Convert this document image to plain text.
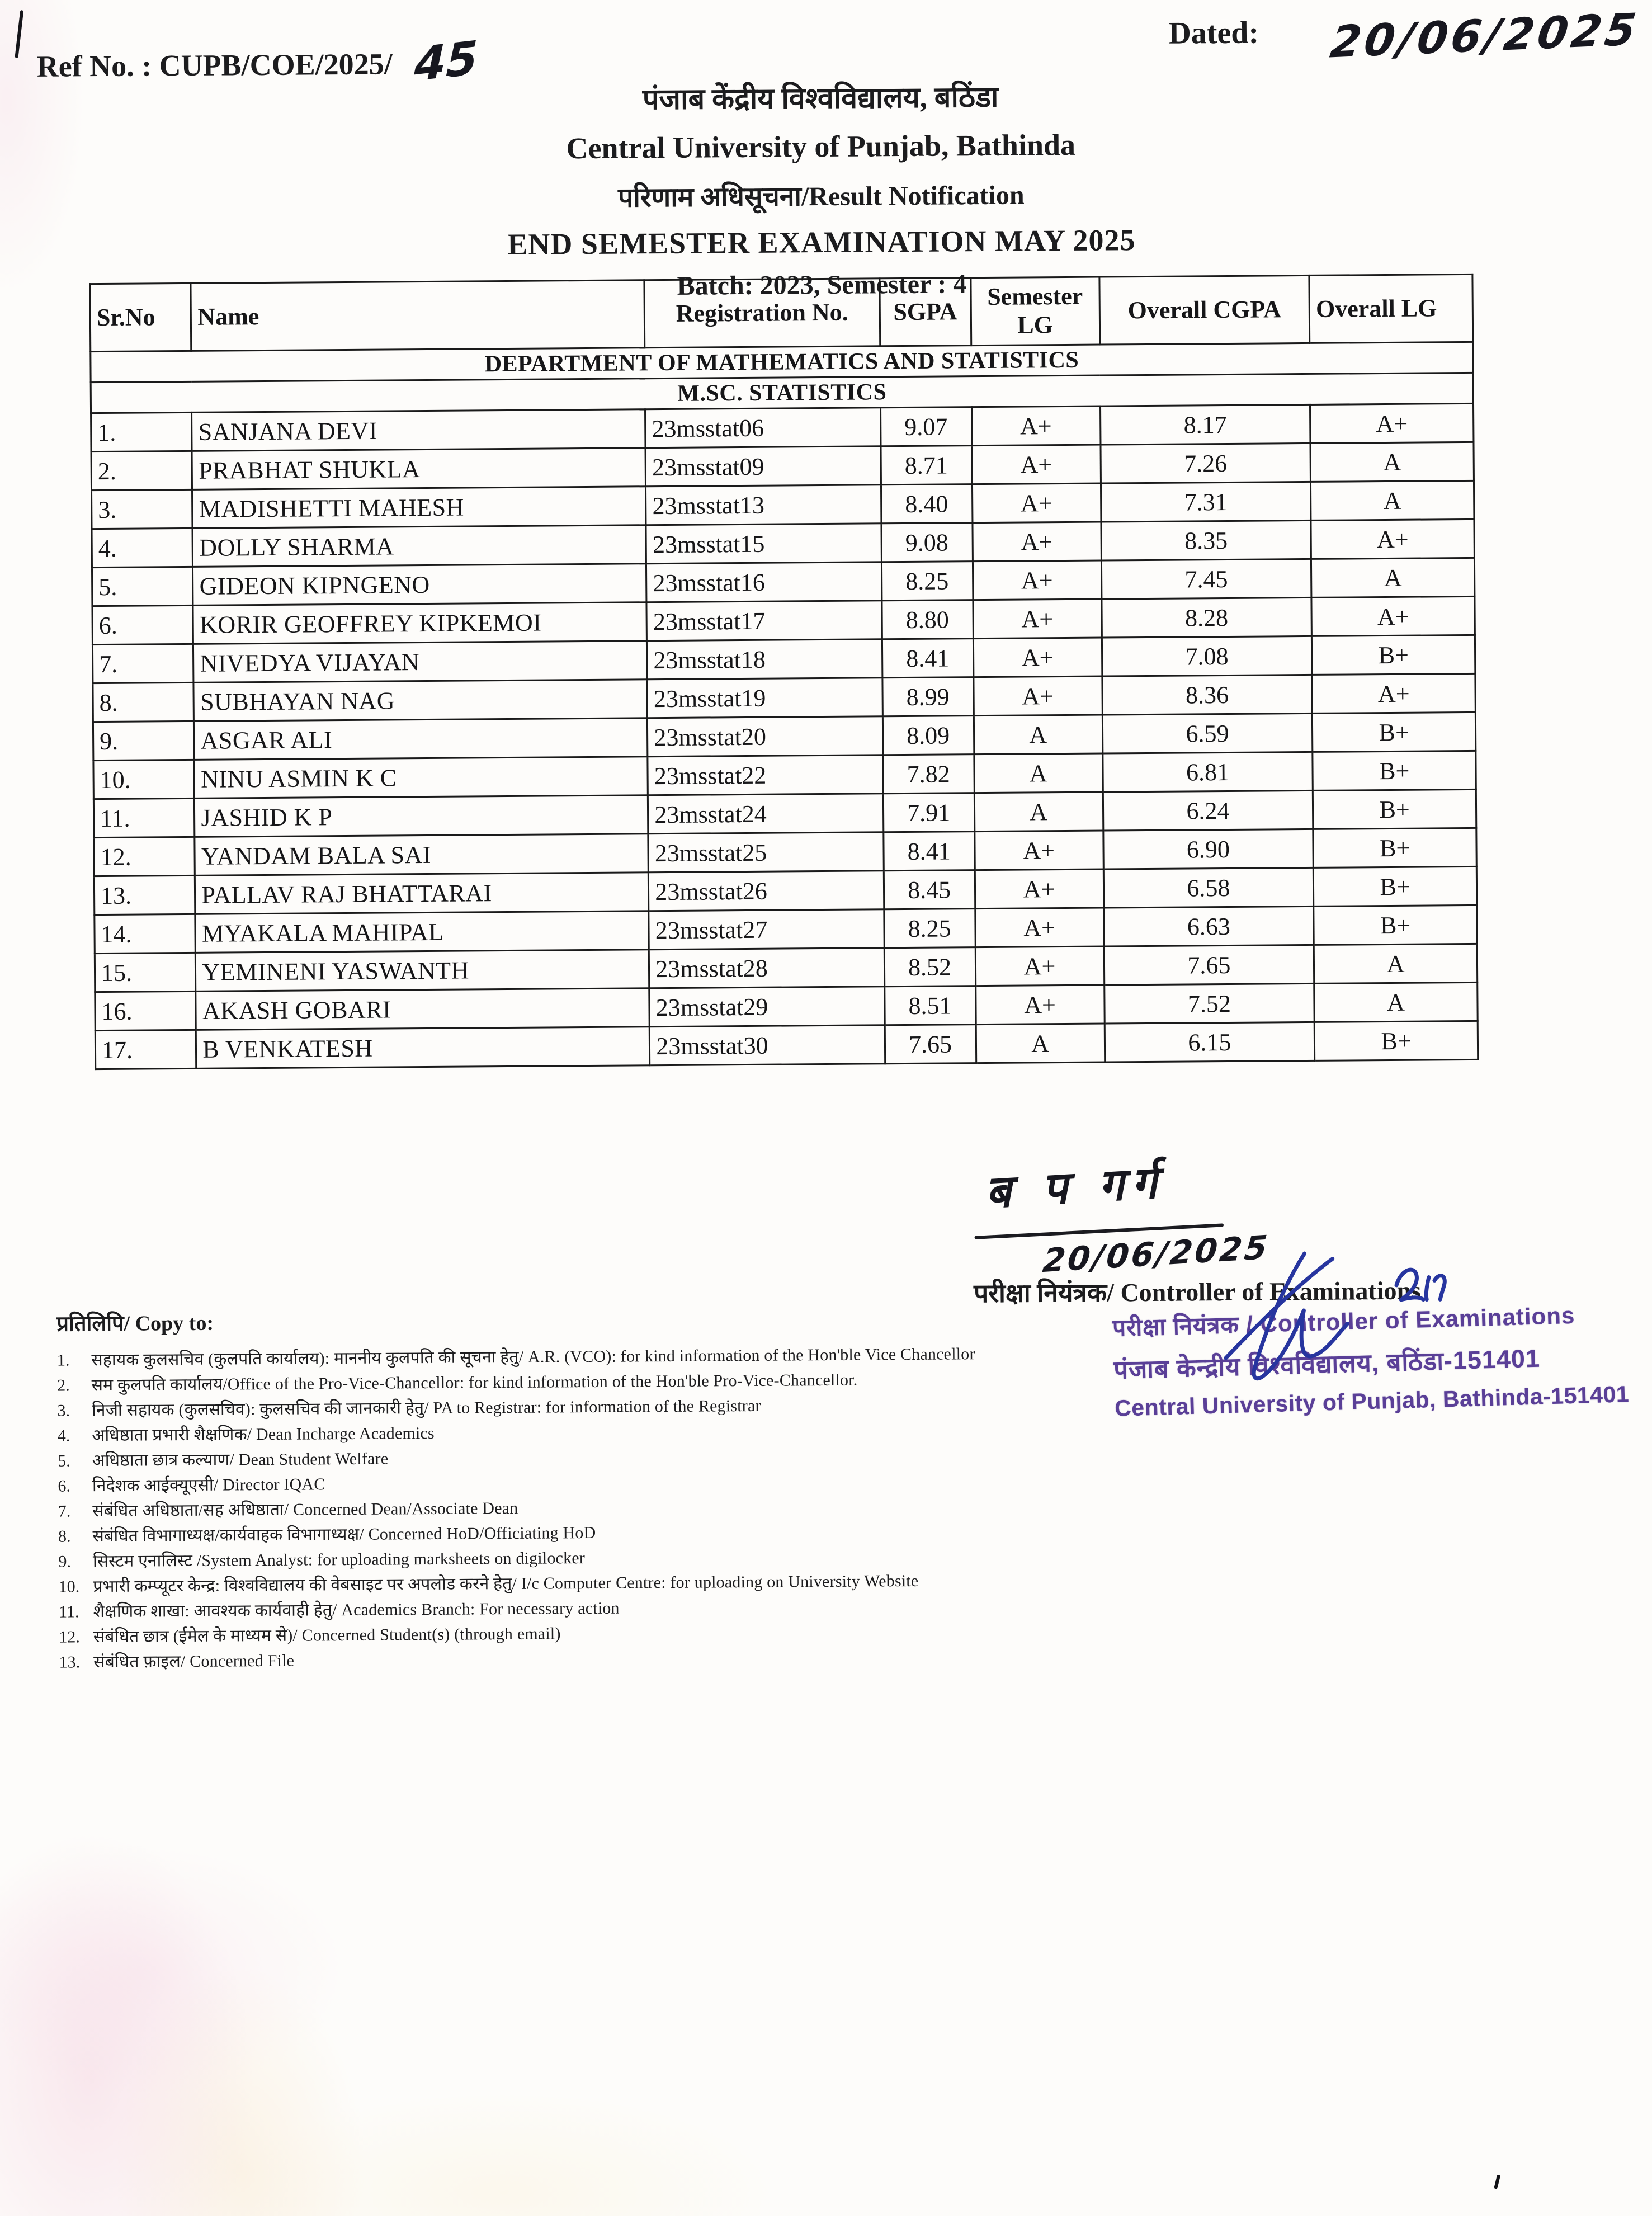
Ref No. : CUPB/COE/2025/ 45	Dated: 20/06/2025
पंजाब केंद्रीय विश्वविद्यालय, बठिंडा
Central University of Punjab, Bathinda
परिणाम अधिसूचना/Result Notification
END SEMESTER EXAMINATION MAY 2025
Batch: 2023, Semester : 4
Sr.No	Name	Registration No.	SGPA	Semester LG	Overall CGPA	Overall LG
DEPARTMENT OF MATHEMATICS AND STATISTICS						
M.SC. STATISTICS						
1.	SANJANA DEVI	23msstat06	9.07	A+	8.17	A+
2.	PRABHAT SHUKLA	23msstat09	8.71	A+	7.26	A
3.	MADISHETTI MAHESH	23msstat13	8.40	A+	7.31	A
4.	DOLLY SHARMA	23msstat15	9.08	A+	8.35	A+
5.	GIDEON KIPNGENO	23msstat16	8.25	A+	7.45	A
6.	KORIR GEOFFREY KIPKEMOI	23msstat17	8.80	A+	8.28	A+
7.	NIVEDYA VIJAYAN	23msstat18	8.41	A+	7.08	B+
8.	SUBHAYAN NAG	23msstat19	8.99	A+	8.36	A+
9.	ASGAR ALI	23msstat20	8.09	A	6.59	B+
10.	NINU ASMIN K C	23msstat22	7.82	A	6.81	B+
11.	JASHID K P	23msstat24	7.91	A	6.24	B+
12.	YANDAM BALA SAI	23msstat25	8.41	A+	6.90	B+
13.	PALLAV RAJ BHATTARAI	23msstat26	8.45	A+	6.58	B+
14.	MYAKALA MAHIPAL	23msstat27	8.25	A+	6.63	B+
15.	YEMINENI YASWANTH	23msstat28	8.52	A+	7.65	A
16.	AKASH GOBARI	23msstat29	8.51	A+	7.52	A
17.	B VENKATESH	23msstat30	7.65	A	6.15	B+
ब प गर्ग
20/06/2025
परीक्षा नियंत्रक/ Controller of Examinations
परीक्षा नियंत्रक / Controller of Examinations
पंजाब केन्द्रीय विश्वविद्यालय, बठिंडा-151401
Central University of Punjab, Bathinda-151401
प्रतिलिपि/ Copy to:
1. सहायक कुलसचिव (कुलपति कार्यालय): माननीय कुलपति की सूचना हेतु/ A.R. (VCO): for kind information of the Hon'ble Vice Chancellor
2. सम कुलपति कार्यालय/Office of the Pro-Vice-Chancellor: for kind information of the Hon'ble Pro-Vice-Chancellor.
3. निजी सहायक (कुलसचिव): कुलसचिव की जानकारी हेतु/ PA to Registrar: for information of the Registrar
4. अधिष्ठाता प्रभारी शैक्षणिक/ Dean Incharge Academics
5. अधिष्ठाता छात्र कल्याण/ Dean Student Welfare
6. निदेशक आईक्यूएसी/ Director IQAC
7. संबंधित अधिष्ठाता/सह अधिष्ठाता/ Concerned Dean/Associate Dean
8. संबंधित विभागाध्यक्ष/कार्यवाहक विभागाध्यक्ष/ Concerned HoD/Officiating HoD
9. सिस्टम एनालिस्ट /System Analyst: for uploading marksheets on digilocker
10. प्रभारी कम्प्यूटर केन्द्र: विश्वविद्यालय की वेबसाइट पर अपलोड करने हेतु/ I/c Computer Centre: for uploading on University Website
11. शैक्षणिक शाखा: आवश्यक कार्यवाही हेतु/ Academics Branch: For necessary action
12. संबंधित छात्र (ईमेल के माध्यम से)/ Concerned Student(s) (through email)
13. संबंधित फ़ाइल/ Concerned File
